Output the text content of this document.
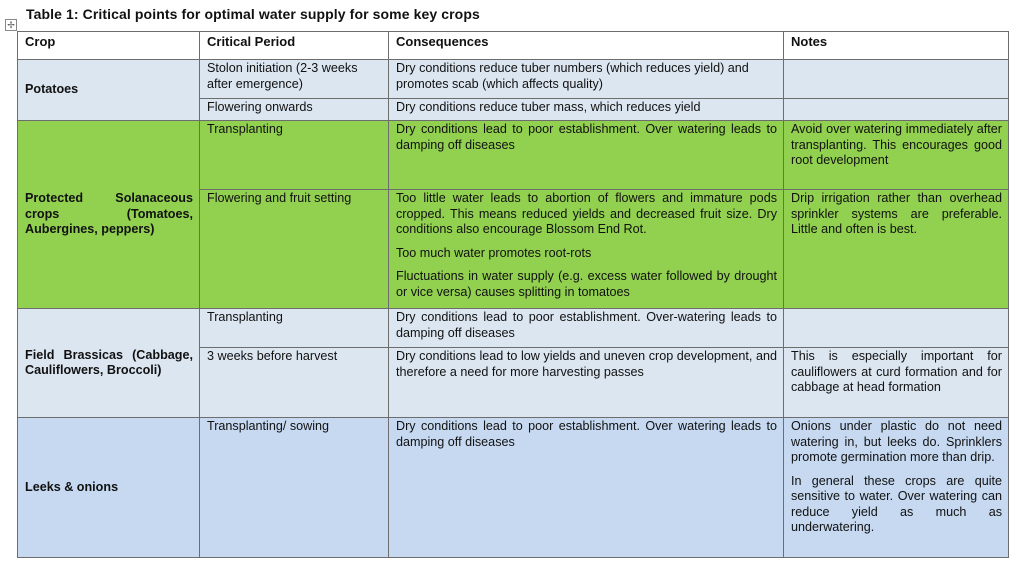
✢
Table 1: Critical points for optimal water supply for some key crops
Crop	Critical Period	Consequences	Notes
Potatoes	Stolon initiation (2-3 weeks after emergence)	Dry conditions reduce tuber numbers (which reduces yield) and promotes scab (which affects quality)	
	Flowering onwards	Dry conditions reduce tuber mass, which reduces yield	

Protected Solanaceous crops (Tomatoes, Aubergines, peppers)	Transplanting	Dry conditions lead to poor establishment. Over watering leads to damping off diseases	Avoid over watering immediately after transplanting. This encourages good root development

	Flowering and fruit setting	Too little water leads to abortion of flowers and immature pods cropped. This means reduced yields and decreased fruit size. Dry conditions also encourage Blossom End Rot.

Too much water promotes root-rots

Fluctuations in water supply (e.g. excess water followed by drought or vice versa) causes splitting in tomatoes	Drip irrigation rather than overhead sprinkler systems are preferable. Little and often is best.

Field Brassicas (Cabbage, Cauliflowers, Broccoli)	Transplanting	Dry conditions lead to poor establishment. Over-watering leads to damping off diseases	

	3 weeks before harvest	Dry conditions lead to low yields and uneven crop development, and therefore a need for more harvesting passes	This is especially important for cauliflowers at curd formation and for cabbage at head formation

Leeks & onions	Transplanting/ sowing	Dry conditions lead to poor establishment. Over watering leads to damping off diseases	Onions under plastic do not need watering in, but leeks do. Sprinklers promote germination more than drip.

In general these crops are quite sensitive to water. Over watering can reduce yield as much as underwatering.
